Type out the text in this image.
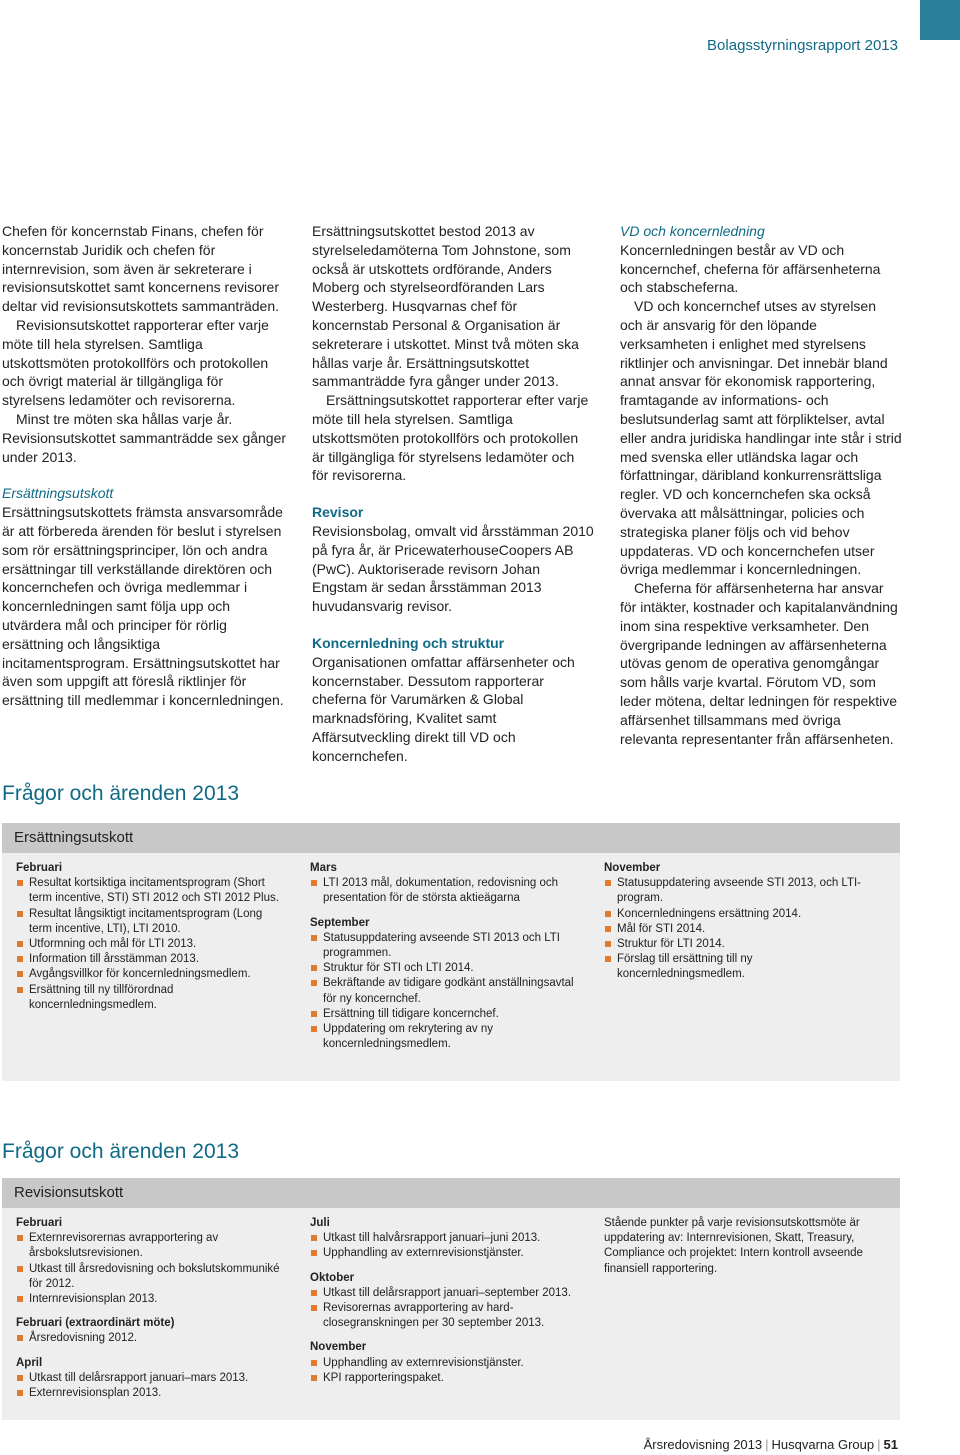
Bolagsstyrningsrapport 2013

Chefen för koncernstab Finans, chefen för koncernstab Juridik och chefen för internrevision, som även är sekreterare i revisionsutskottet samt koncernens revisorer deltar vid revisionsutskottets sammanträden.

Revisionsutskottet rapporterar efter varje möte till hela styrelsen. Samtliga utskottsmöten protokollförs och protokollen och övrigt material är tillgängliga för styrelsens ledamöter och revisorerna.

Minst tre möten ska hållas varje år. Revisionsutskottet sammanträdde sex gånger under 2013.

Ersättningsutskott

Ersättningsutskottets främsta ansvarsområde är att förbereda ärenden för beslut i styrelsen som rör ersättningsprinciper, lön och andra ersättningar till verkställande direktören och koncernchefen och övriga medlemmar i koncernledningen samt följa upp och utvärdera mål och principer för rörlig ersättning och långsiktiga incitamentsprogram. Ersättningsutskottet har även som uppgift att föreslå riktlinjer för ersättning till medlemmar i koncernledningen.

Ersättningsutskottet bestod 2013 av styrelseledamöterna Tom Johnstone, som också är utskottets ordförande, Anders Moberg och styrelseordföranden Lars Westerberg. Husqvarnas chef för koncernstab Personal & Organisation är sekreterare i utskottet. Minst två möten ska hållas varje år. Ersättningsutskottet sammanträdde fyra gånger under 2013.

Ersättningsutskottet rapporterar efter varje möte till hela styrelsen. Samtliga utskottsmöten protokollförs och protokollen är tillgängliga för styrelsens ledamöter och för revisorerna.

Revisor

Revisionsbolag, omvalt vid årsstämman 2010 på fyra år, är PricewaterhouseCoopers AB (PwC). Auktoriserade revisorn Johan Engstam är sedan årsstämman 2013 huvudansvarig revisor.

Koncernledning och struktur

Organisationen omfattar affärsenheter och koncernstaber. Dessutom rapporterar cheferna för Varumärken & Global marknadsföring, Kvalitet samt Affärsutveckling direkt till VD och koncernchefen.

VD och koncernledning

Koncernledningen består av VD och koncernchef, cheferna för affärsenheterna och stabscheferna.

VD och koncernchef utses av styrelsen och är ansvarig för den löpande verksamheten i enlighet med styrelsens riktlinjer och anvisningar. Det innebär bland annat ansvar för ekonomisk rapportering, framtagande av informations- och beslutsunderlag samt att förpliktelser, avtal eller andra juridiska handlingar inte står i strid med svenska eller utländska lagar och författningar, däribland konkurrensrättsliga regler. VD och koncernchefen ska också övervaka att målsättningar, policies och strategiska planer följs och vid behov uppdateras. VD och koncernchefen utser övriga medlemmar i koncernledningen.

Cheferna för affärsenheterna har ansvar för intäkter, kostnader och kapitalanvändning inom sina respektive verksamheter. Den övergripande ledningen av affärsenheterna utövas genom de operativa genomgångar som hålls varje kvartal. Förutom VD, som leder mötena, deltar ledningen för respektive affärsenhet tillsammans med övriga relevanta representanter från affärsenheten.

Frågor och ärenden 2013
Ersättningsutskott
Februari
Resultat kortsiktiga incitamentsprogram (Short term incentive, STI) STI 2012 och STI 2012 Plus.
Resultat långsiktigt incitamentsprogram (Long term incentive, LTI), LTI 2010.
Utformning och mål för LTI 2013.
Information till årsstämman 2013.
Avgångsvillkor för koncernledningsmedlem.
Ersättning till ny tillförordnad koncernledningsmedlem.
Mars
LTI 2013 mål, dokumentation, redovisning och presentation för de största aktieägarna
September
Statusuppdatering avseende STI 2013 och LTI programmen.
Struktur för STI och LTI 2014.
Bekräftande av tidigare godkänt anställningsavtal för ny koncernchef.
Ersättning till tidigare koncernchef.
Uppdatering om rekrytering av ny koncernledningsmedlem.
November
Statusuppdatering avseende STI 2013, och LTI-program.
Koncernledningens ersättning 2014.
Mål för STI 2014.
Struktur för LTI 2014.
Förslag till ersättning till ny koncernledningsmedlem.
Frågor och ärenden 2013
Revisionsutskott
Februari
Externrevisorernas avrapportering av årsbokslutsrevisionen.
Utkast till årsredovisning och bokslutskommuniké för 2012.
Internrevisionsplan 2013.
Februari (extraordinärt möte)
Årsredovisning 2012.
April
Utkast till delårsrapport januari–mars 2013.
Externrevisionsplan 2013.
Juli
Utkast till halvårsrapport januari–juni 2013.
Upphandling av externrevisionstjänster.
Oktober
Utkast till delårsrapport januari–september 2013.
Revisorernas avrapportering av hard-closegranskningen per 30 september 2013.
November
Upphandling av externrevisionstjänster.
KPI rapporteringspaket.

Stående punkter på varje revisionsutskottsmöte är uppdatering av: Internrevisionen, Skatt, Treasury, Compliance och projektet: Intern kontroll avseende finansiell rapportering.

Årsredovisning 2013 | Husqvarna Group | 51
